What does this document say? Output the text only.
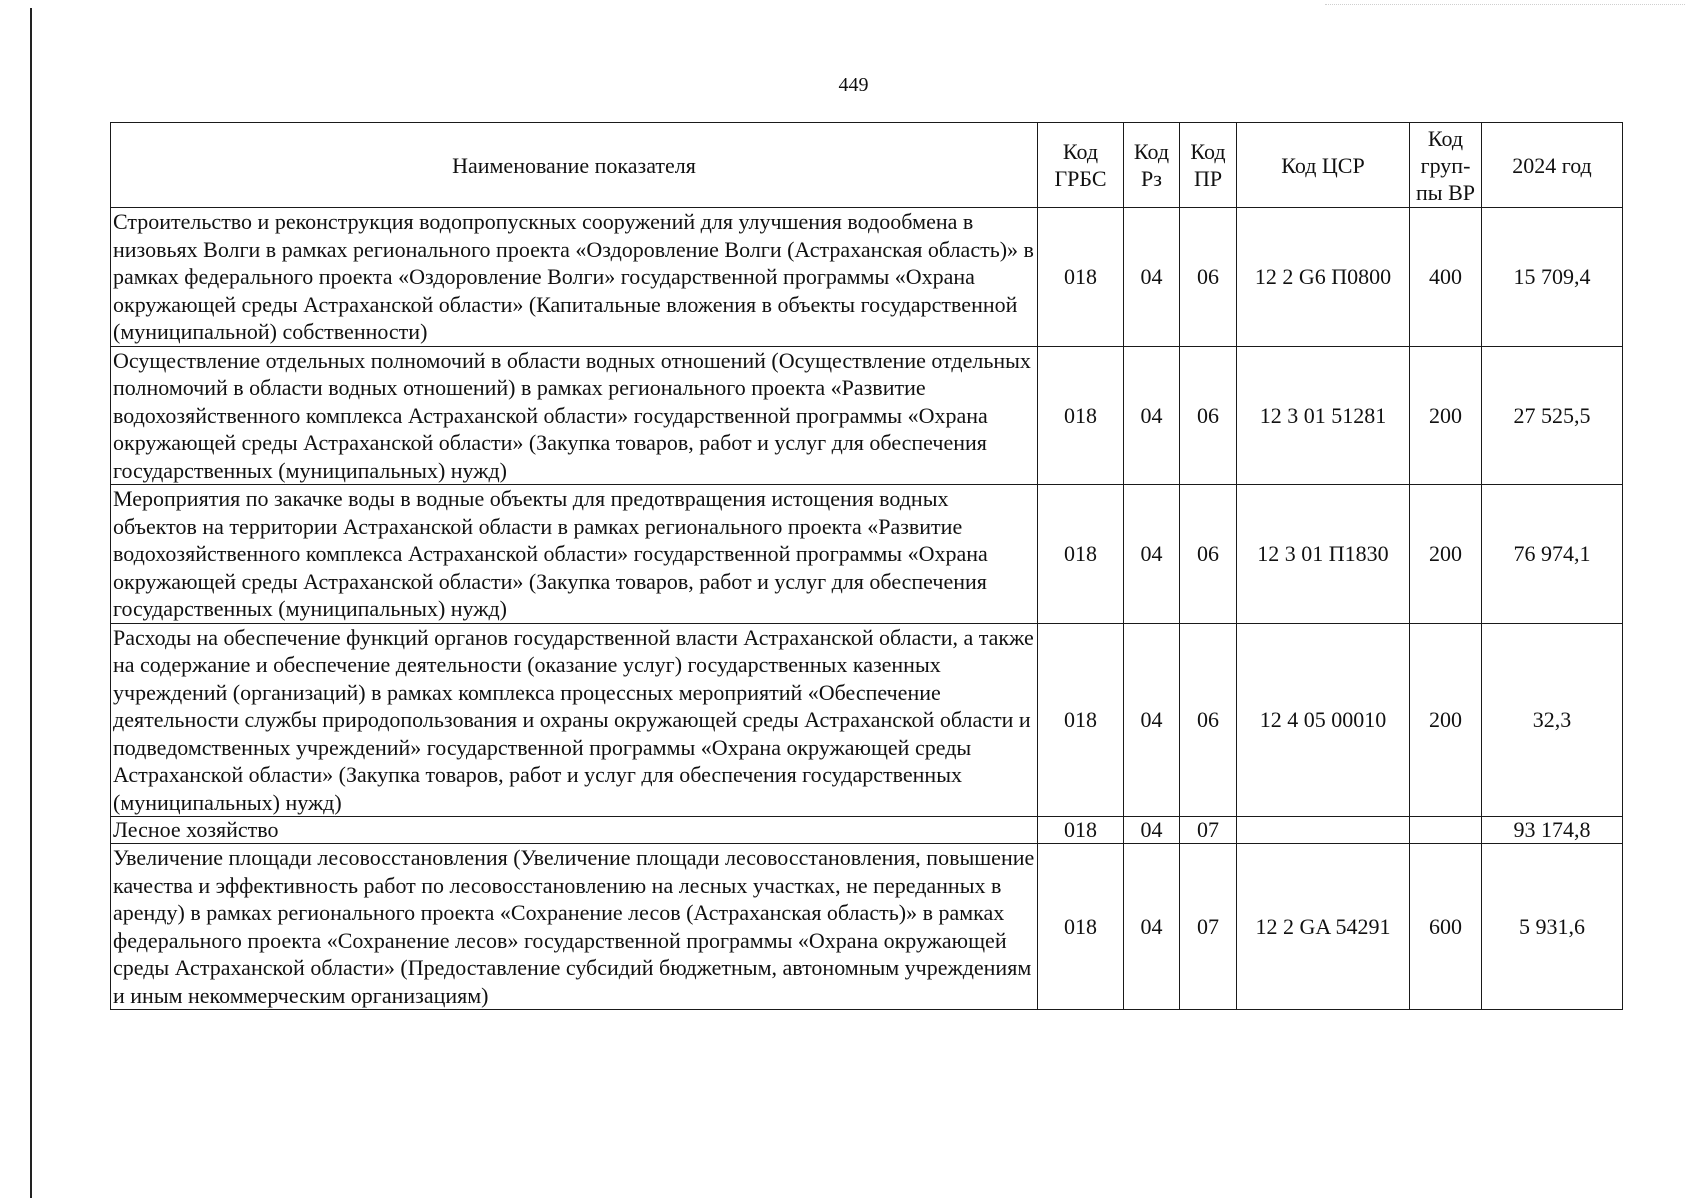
449
Наименование показателя	Код ГРБС	Код Рз	Код ПР	Код ЦСР	Код груп-пы ВР	2024 год
Строительство и реконструкция водопропускных сооружений для улучшения водообмена в низовьях Волги в рамках регионального проекта «Оздоровление Волги (Астраханская область)» в рамках федерального проекта «Оздоровление Волги» государственной программы «Охрана окружающей среды Астраханской области» (Капитальные вложения в объекты государственной (муниципальной) собственности)	018	04	06	12 2 G6 П0800	400	15 709,4
Осуществление отдельных полномочий в области водных отношений (Осуществление отдельных полномочий в области водных отношений) в рамках регионального проекта «Развитие водохозяйственного комплекса Астраханской области» государственной программы «Охрана окружающей среды Астраханской области» (Закупка товаров, работ и услуг для обеспечения государственных (муниципальных) нужд)	018	04	06	12 3 01 51281	200	27 525,5
Мероприятия по закачке воды в водные объекты для предотвращения истощения водных объектов на территории Астраханской области в рамках регионального проекта «Развитие водохозяйственного комплекса Астраханской области» государственной программы «Охрана окружающей среды Астраханской области» (Закупка товаров, работ и услуг для обеспечения государственных (муниципальных) нужд)	018	04	06	12 3 01 П1830	200	76 974,1
Расходы на обеспечение функций органов государственной власти Астраханской области, а также на содержание и обеспечение деятельности (оказание услуг) государственных казенных учреждений (организаций) в рамках комплекса процессных мероприятий «Обеспечение деятельности службы природопользования и охраны окружающей среды Астраханской области и подведомственных учреждений» государственной программы «Охрана окружающей среды Астраханской области» (Закупка товаров, работ и услуг для обеспечения государственных (муниципальных) нужд)	018	04	06	12 4 05 00010	200	32,3
Лесное хозяйство	018	04	07			93 174,8
Увеличение площади лесовосстановления (Увеличение площади лесовосстановления, повышение качества и эффективность работ по лесовосстановлению на лесных участках, не переданных в аренду) в рамках регионального проекта «Сохранение лесов (Астраханская область)» в рамках федерального проекта «Сохранение лесов» государственной программы «Охрана окружающей среды Астраханской области» (Предоставление субсидий бюджетным, автономным учреждениям и иным некоммерческим организациям)	018	04	07	12 2 GA 54291	600	5 931,6
